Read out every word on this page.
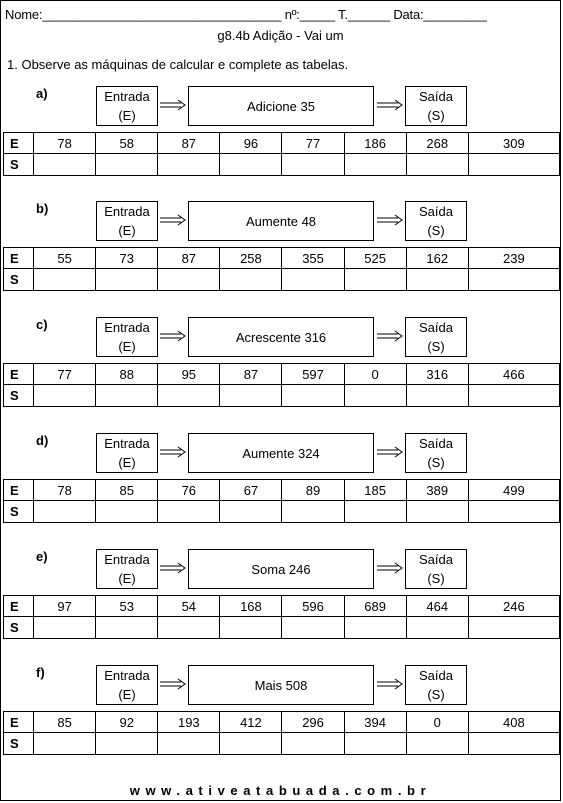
Nome:__________________________________ nº:_____ T.______ Data:_________
g8.4b Adição - Vai um
1. Observe as máquinas de calcular e complete as tabelas.
a)	Entrada
(E)
Adicione 35
Saída
(S)
E	78	58	87	96	77	186	268	309
S								
b)	Entrada
(E)
Aumente 48
Saída
(S)
E	55	73	87	258	355	525	162	239
S								
c)	Entrada
(E)
Acrescente 316
Saída
(S)
E	77	88	95	87	597	0	316	466
S								
d)	Entrada
(E)
Aumente 324
Saída
(S)
E	78	85	76	67	89	185	389	499
S								
e)	Entrada
(E)
Soma 246
Saída
(S)
E	97	53	54	168	596	689	464	246
S								
f)	Entrada
(E)
Mais 508
Saída
(S)
E	85	92	193	412	296	394	0	408
S								
www.ativeatabuada.com.br
